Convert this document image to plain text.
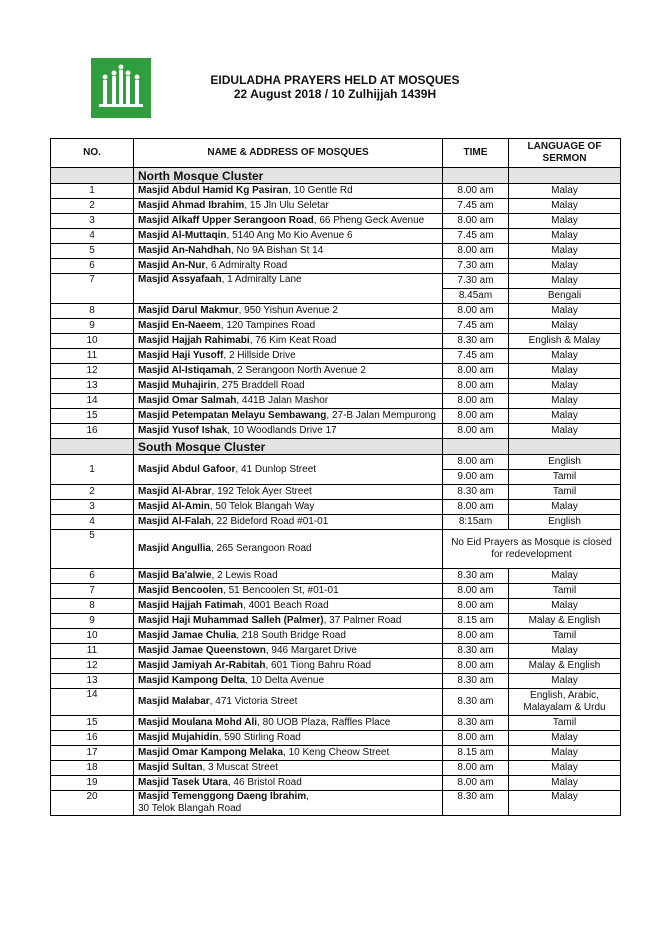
EIDULADHA PRAYERS HELD AT MOSQUES
22 August 2018 / 10 Zulhijjah 1439H
NO.	NAME & ADDRESS OF MOSQUES	TIME	LANGUAGE OF SERMON
	North Mosque Cluster		
1	Masjid Abdul Hamid Kg Pasiran, 10 Gentle Rd	8.00 am	Malay
2	Masjid Ahmad Ibrahim, 15 Jln Ulu Seletar	7.45 am	Malay
3	Masjid Alkaff Upper Serangoon Road, 66 Pheng Geck Avenue	8.00 am	Malay
4	Masjid Al-Muttaqin, 5140 Ang Mo Kio Avenue 6	7.45 am	Malay
5	Masjid An-Nahdhah, No 9A Bishan St 14	8.00 am	Malay
6	Masjid An-Nur, 6 Admiralty Road	7.30 am	Malay
7	Masjid Assyafaah, 1 Admiralty Lane	7.30 am	Malay
		8.45am	Bengali
8	Masjid Darul Makmur, 950 Yishun Avenue 2	8.00 am	Malay
9	Masjid En-Naeem, 120 Tampines Road	7.45 am	Malay
10	Masjid Hajjah Rahimabi, 76 Kim Keat Road	8.30 am	English & Malay
11	Masjid Haji Yusoff, 2 Hillside Drive	7.45 am	Malay
12	Masjid Al-Istiqamah, 2 Serangoon North Avenue 2	8.00 am	Malay
13	Masjid Muhajirin, 275 Braddell Road	8.00 am	Malay
14	Masjid Omar Salmah, 441B Jalan Mashor	8.00 am	Malay
15	Masjid Petempatan Melayu Sembawang, 27-B Jalan Mempurong	8.00 am	Malay
16	Masjid Yusof Ishak, 10 Woodlands Drive 17	8.00 am	Malay
	South Mosque Cluster		
1	Masjid Abdul Gafoor, 41 Dunlop Street	8.00 am	English
		9.00 am	Tamil
2	Masjid Al-Abrar, 192 Telok Ayer Street	8.30 am	Tamil
3	Masjid Al-Amin, 50 Telok Blangah Way	8.00 am	Malay
4	Masjid Al-Falah, 22 Bideford Road #01-01	8:15am	English
5	Masjid Angullia, 265 Serangoon Road	No Eid Prayers as Mosque is closed for redevelopment	
6	Masjid Ba'alwie, 2 Lewis Road	8.30 am	Malay
7	Masjid Bencoolen, 51 Bencoolen St, #01-01	8.00 am	Tamil
8	Masjid Hajjah Fatimah, 4001 Beach Road	8.00 am	Malay
9	Masjid Haji Muhammad Salleh (Palmer), 37 Palmer Road	8.15 am	Malay & English
10	Masjid Jamae Chulia, 218 South Bridge Road	8.00 am	Tamil
11	Masjid Jamae Queenstown, 946 Margaret Drive	8.30 am	Malay
12	Masjid Jamiyah Ar-Rabitah, 601 Tiong Bahru Road	8.00 am	Malay & English
13	Masjid Kampong Delta, 10 Delta Avenue	8.30 am	Malay
14	Masjid Malabar, 471 Victoria Street	8.30 am	English, Arabic, Malayalam & Urdu
15	Masjid Moulana Mohd Ali, 80 UOB Plaza, Raffles Place	8.30 am	Tamil
16	Masjid Mujahidin, 590 Stirling Road	8.00 am	Malay
17	Masjid Omar Kampong Melaka, 10 Keng Cheow Street	8.15 am	Malay
18	Masjid Sultan, 3 Muscat Street	8.00 am	Malay
19	Masjid Tasek Utara, 46 Bristol Road	8.00 am	Malay
20	Masjid Temenggong Daeng Ibrahim,
30 Telok Blangah Road	8.30 am	Malay
